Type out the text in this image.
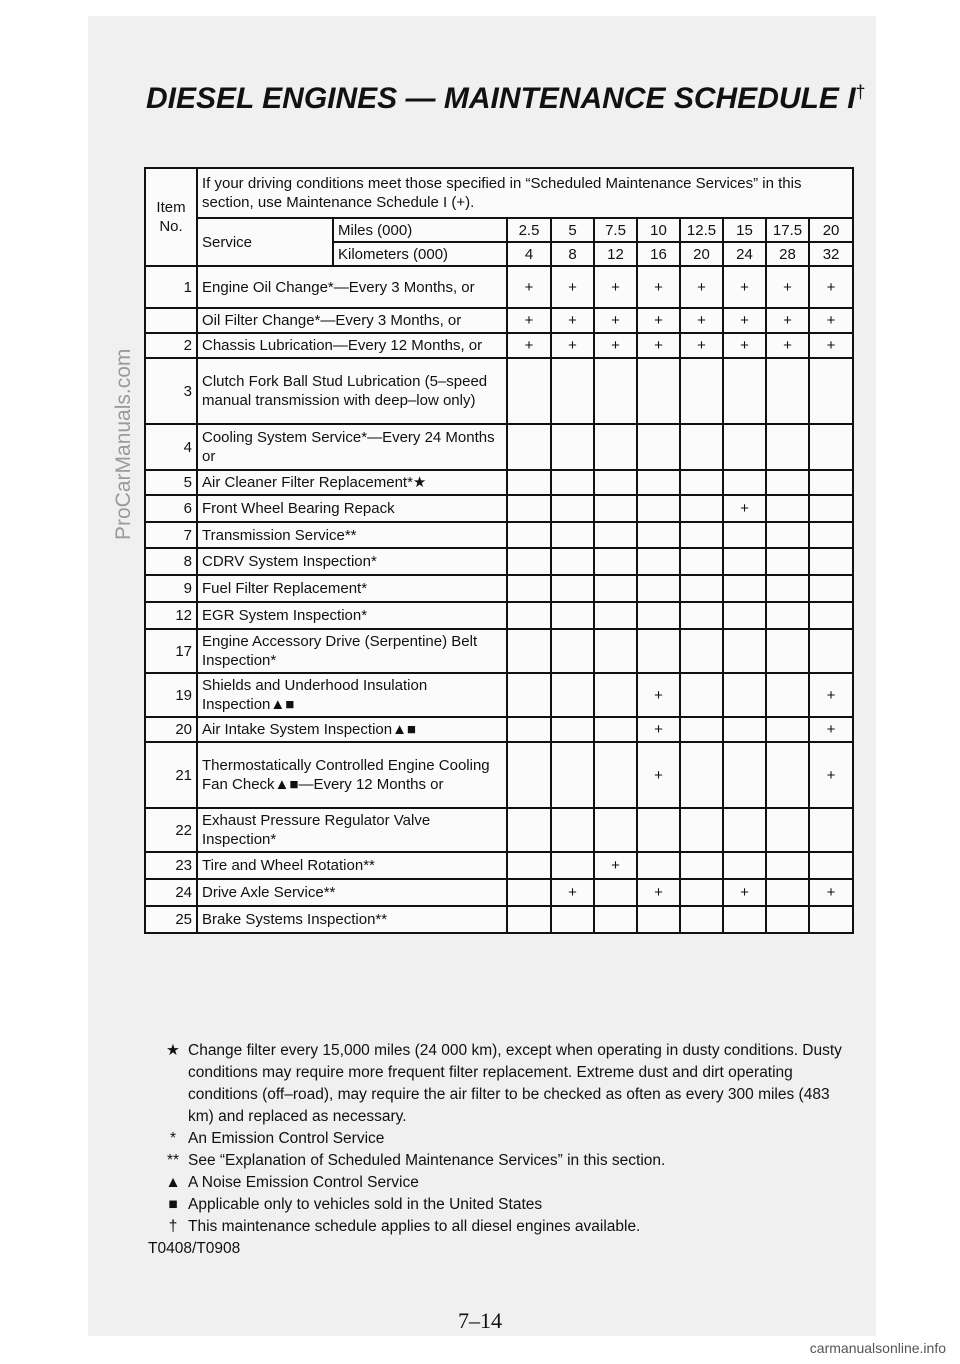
DIESEL ENGINES — MAINTENANCE SCHEDULE I†
ProCarManuals.com
Item No.	If your driving conditions meet those specified in “Scheduled Maintenance Services” in this section, use Maintenance Schedule I (+).									
	Service	Miles (000)	2.5	5	7.5	10	12.5	15	17.5	20
		Kilometers (000)	4	8	12	16	20	24	28	32
1	Engine Oil Change*—Every 3 Months, or		+	+	+	+	+	+	+	+
	Oil Filter Change*—Every 3 Months, or		+	+	+	+	+	+	+	+
2	Chassis Lubrication—Every 12 Months, or		+	+	+	+	+	+	+	+
3	Clutch Fork Ball Stud Lubrication (5–speed manual transmission with deep–low only)									
4	Cooling System Service*—Every 24 Months or									
5	Air Cleaner Filter Replacement*★									
6	Front Wheel Bearing Repack							+		
7	Transmission Service**									
8	CDRV System Inspection*									
9	Fuel Filter Replacement*									
12	EGR System Inspection*									
17	Engine Accessory Drive (Serpentine) Belt Inspection*									
19	Shields and Underhood Insulation Inspection▲■					+				+
20	Air Intake System Inspection▲■					+				+
21	Thermostatically Controlled Engine Cooling Fan Check▲■—Every 12 Months or					+				+
22	Exhaust Pressure Regulator Valve Inspection*									
23	Tire and Wheel Rotation**				+					
24	Drive Axle Service**			+		+		+		+
25	Brake Systems Inspection**									
★ Change filter every 15,000 miles (24 000 km), except when operating in dusty conditions. Dusty conditions may require more frequent filter replacement. Extreme dust and dirt operating conditions (off–road), may require the air filter to be checked as often as every 300 miles (483 km) and replaced as necessary.
* An Emission Control Service
** See “Explanation of Scheduled Maintenance Services” in this section.
▲ A Noise Emission Control Service
■ Applicable only to vehicles sold in the United States
† This maintenance schedule applies to all diesel engines available.
T0408/T0908
7–14
carmanualsonline.info
